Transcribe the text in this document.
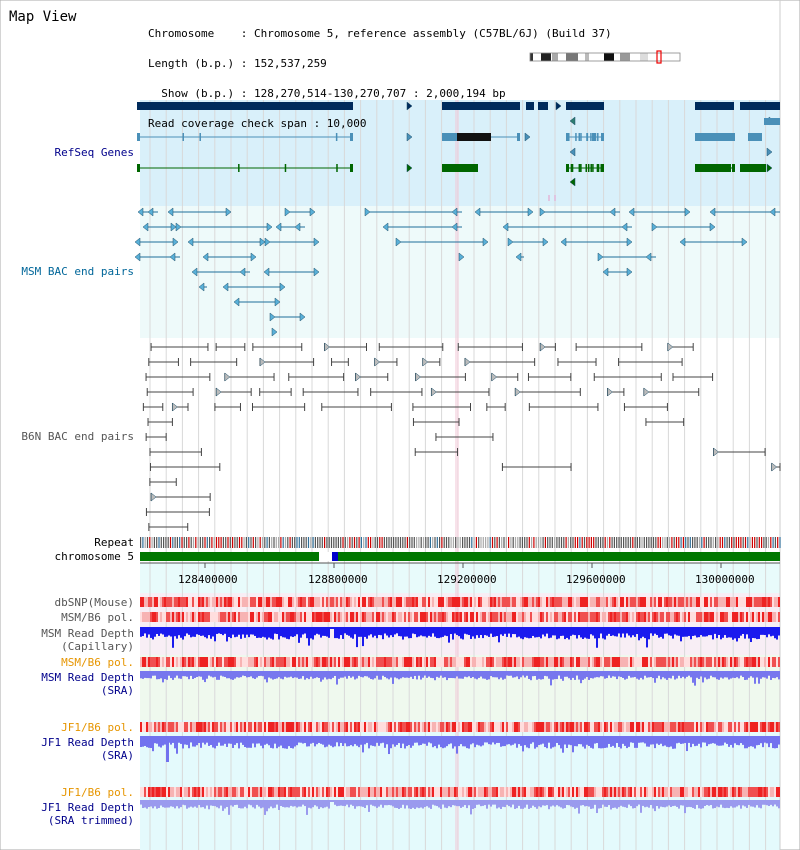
Map View

Chromosome    : Chromosome 5, reference assembly (C57BL/6J) (Build 37)

Length (b.p.) : 152,537,259

Show (b.p.) : 128,270,514-130,270,707 : 2,000,194 bp

Read coverage check span : 10,000

RefSeq Genes
MSM BAC end pairs
B6N BAC end pairs
Repeat
chromosome 5
dbSNP(Mouse)
MSM/B6 pol.
MSM Read Depth
(Capillary)
MSM/B6 pol.
MSM Read Depth
(SRA)
JF1/B6 pol.
JF1 Read Depth
(SRA)
JF1/B6 pol.
JF1 Read Depth
(SRA trimmed)
128400000	128800000	129200000	129600000	130000000
